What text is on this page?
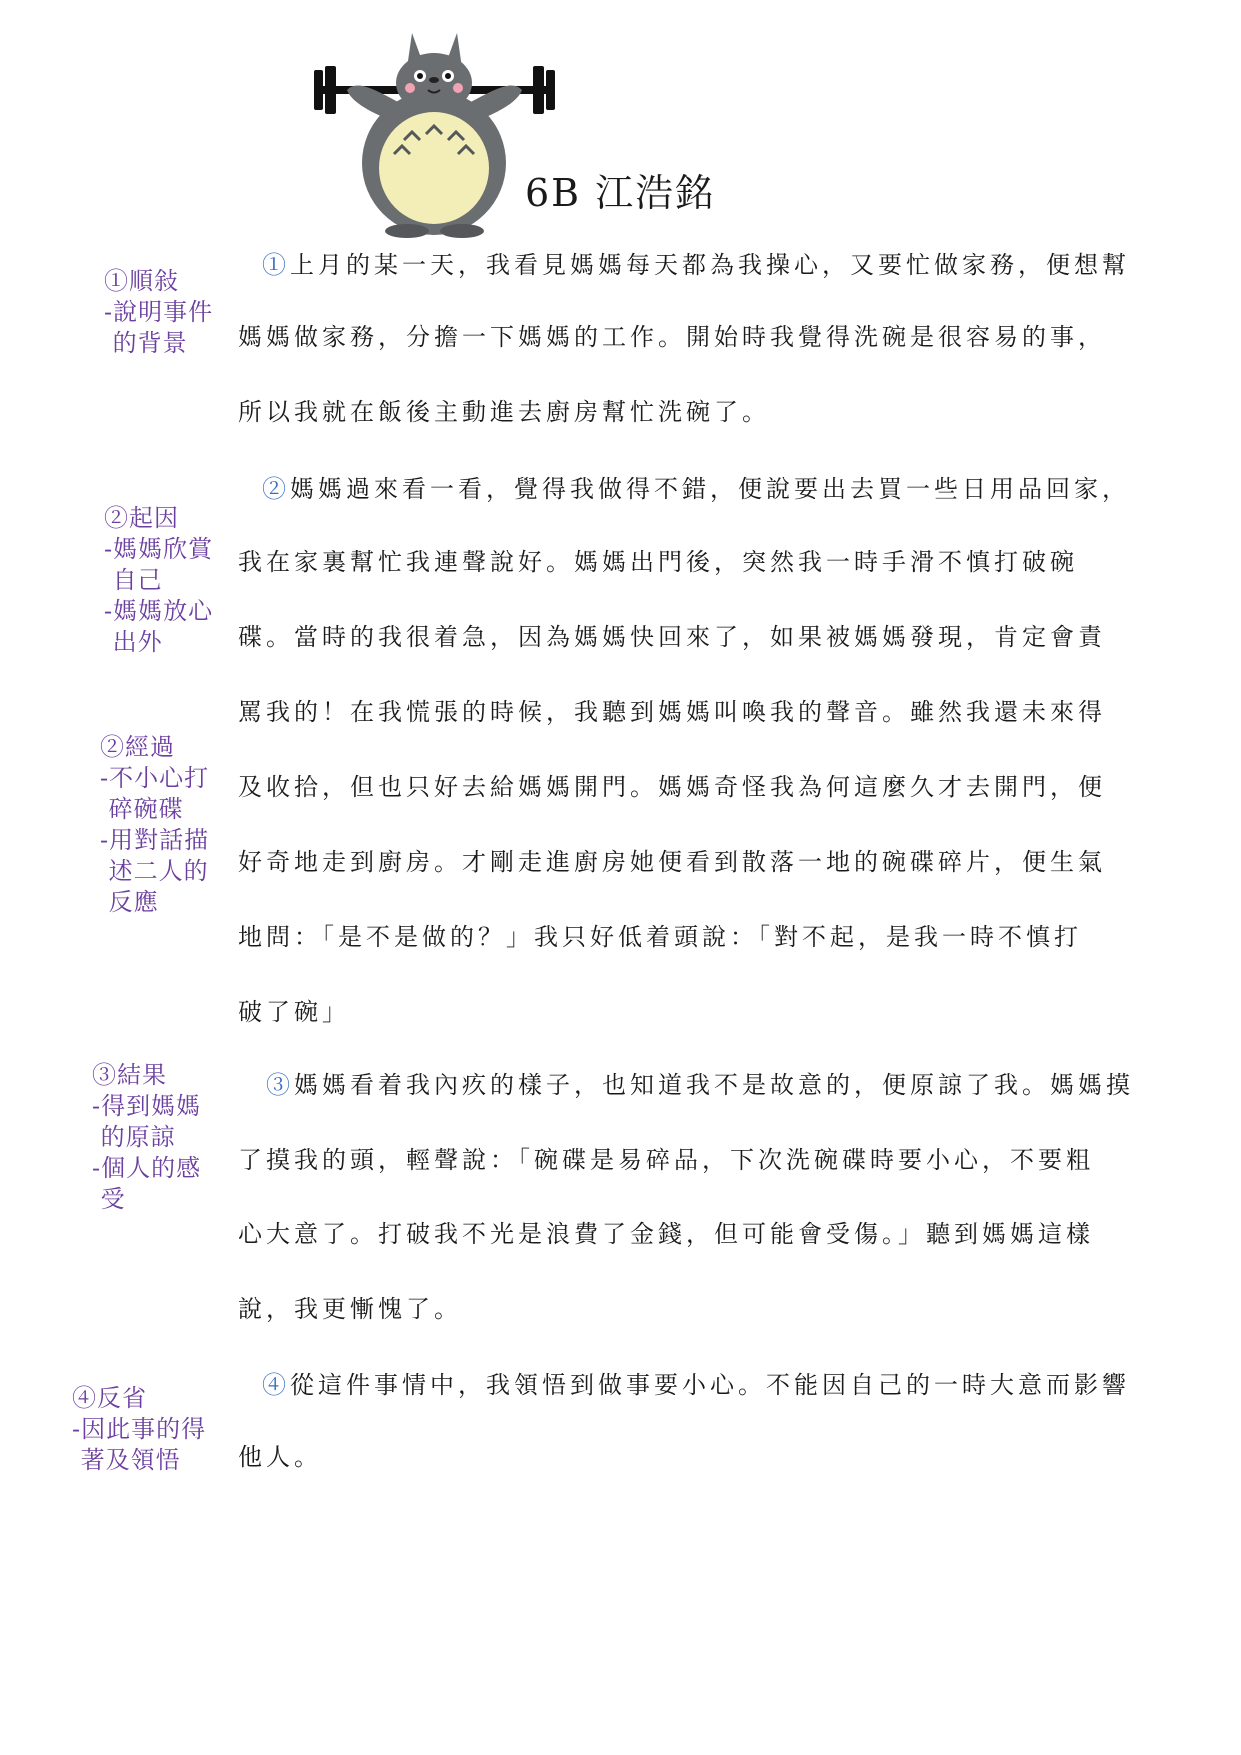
6B 江浩銘
①順敍
-說明事件
的背景
②起因
-媽媽欣賞
自己
-媽媽放心
出外
②經過
-不小心打
碎碗碟
-用對話描
述二人的
反應
③結果
-得到媽媽
的原諒
-個人的感
受
④反省
-因此事的得
著及領悟
①上月的某一天，我看見媽媽每天都為我操心，又要忙做家務，便想幫
媽媽做家務，分擔一下媽媽的工作。開始時我覺得洗碗是很容易的事，
所以我就在飯後主動進去廚房幫忙洗碗了。
②媽媽過來看一看，覺得我做得不錯，便說要出去買一些日用品回家，
我在家裏幫忙我連聲說好。媽媽出門後，突然我一時手滑不慎打破碗
碟。當時的我很着急，因為媽媽快回來了，如果被媽媽發現，肯定會責
罵我的！在我慌張的時候，我聽到媽媽叫喚我的聲音。雖然我還未來得
及收拾，但也只好去給媽媽開門。媽媽奇怪我為何這麼久才去開門，便
好奇地走到廚房。才剛走進廚房她便看到散落一地的碗碟碎片，便生氣
地問：「是不是做的？」我只好低着頭說：「對不起，是我一時不慎打
破了碗」
③媽媽看着我內疚的樣子，也知道我不是故意的，便原諒了我。媽媽摸
了摸我的頭，輕聲說：「碗碟是易碎品，下次洗碗碟時要小心，不要粗
心大意了。打破我不光是浪費了金錢，但可能會受傷。」聽到媽媽這樣
說，我更慚愧了。
④從這件事情中，我領悟到做事要小心。不能因自己的一時大意而影響
他人。
